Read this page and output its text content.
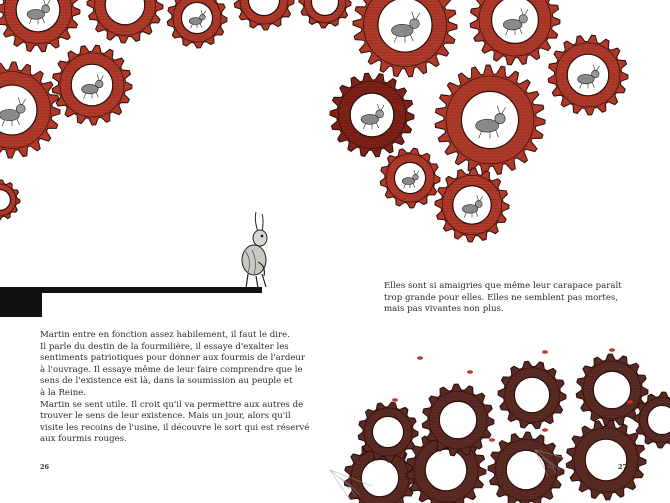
Elles sont si amaigries que même leur carapace paraît
trop grande pour elles. Elles ne semblent pas mortes,
mais pas vivantes non plus.
Martin entre en fonction assez habilement, il faut le dire.
Il parle du destin de la fourmilière, il essaye d'exalter les
sentiments patriotiques pour donner aux fourmis de l'ardeur
à l'ouvrage. Il essaye même de leur faire comprendre que le
sens de l'existence est là, dans la soumission au peuple et
à la Reine.
Martin se sent utile. Il croit qu'il va permettre aux autres de
trouver le sens de leur existence. Mais un jour, alors qu'il
visite les recoins de l'usine, il découvre le sort qui est réservé
aux fourmis rouges.
26	27
